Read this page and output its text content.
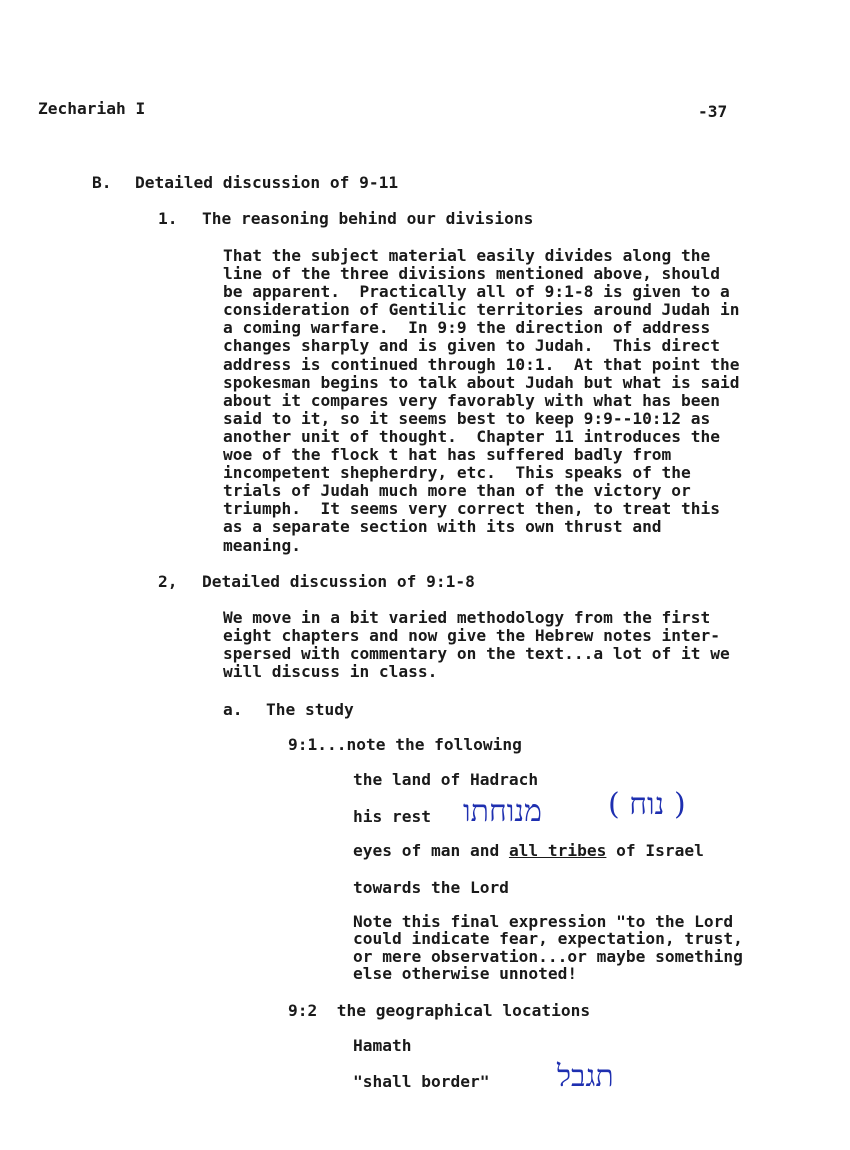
Zechariah I	-37
B. Detailed discussion of 9-11
1. The reasoning behind our divisions
That the subject material easily divides along the
line of the three divisions mentioned above, should
be apparent.  Practically all of 9:1-8 is given to a
consideration of Gentilic territories around Judah in
a coming warfare.  In 9:9 the direction of address
changes sharply and is given to Judah.  This direct
address is continued through 10:1.  At that point the
spokesman begins to talk about Judah but what is said
about it compares very favorably with what has been
said to it, so it seems best to keep 9:9--10:12 as
another unit of thought.  Chapter 11 introduces the
woe of the flock t hat has suffered badly from
incompetent shepherdry, etc.  This speaks of the
trials of Judah much more than of the victory or
triumph.  It seems very correct then, to treat this
as a separate section with its own thrust and
meaning.
2, Detailed discussion of 9:1-8
We move in a bit varied methodology from the first
eight chapters and now give the Hebrew notes inter-
spersed with commentary on the text...a lot of it we
will discuss in class.
a. The study
9:1...note the following
the land of Hadrach
his rest מנוחתו ( נוח )
eyes of man and all tribes of Israel
towards the Lord
Note this final expression "to the Lord
could indicate fear, expectation, trust,
or mere observation...or maybe something
else otherwise unnoted!
9:2  the geographical locations
Hamath
"shall border" תגבל
